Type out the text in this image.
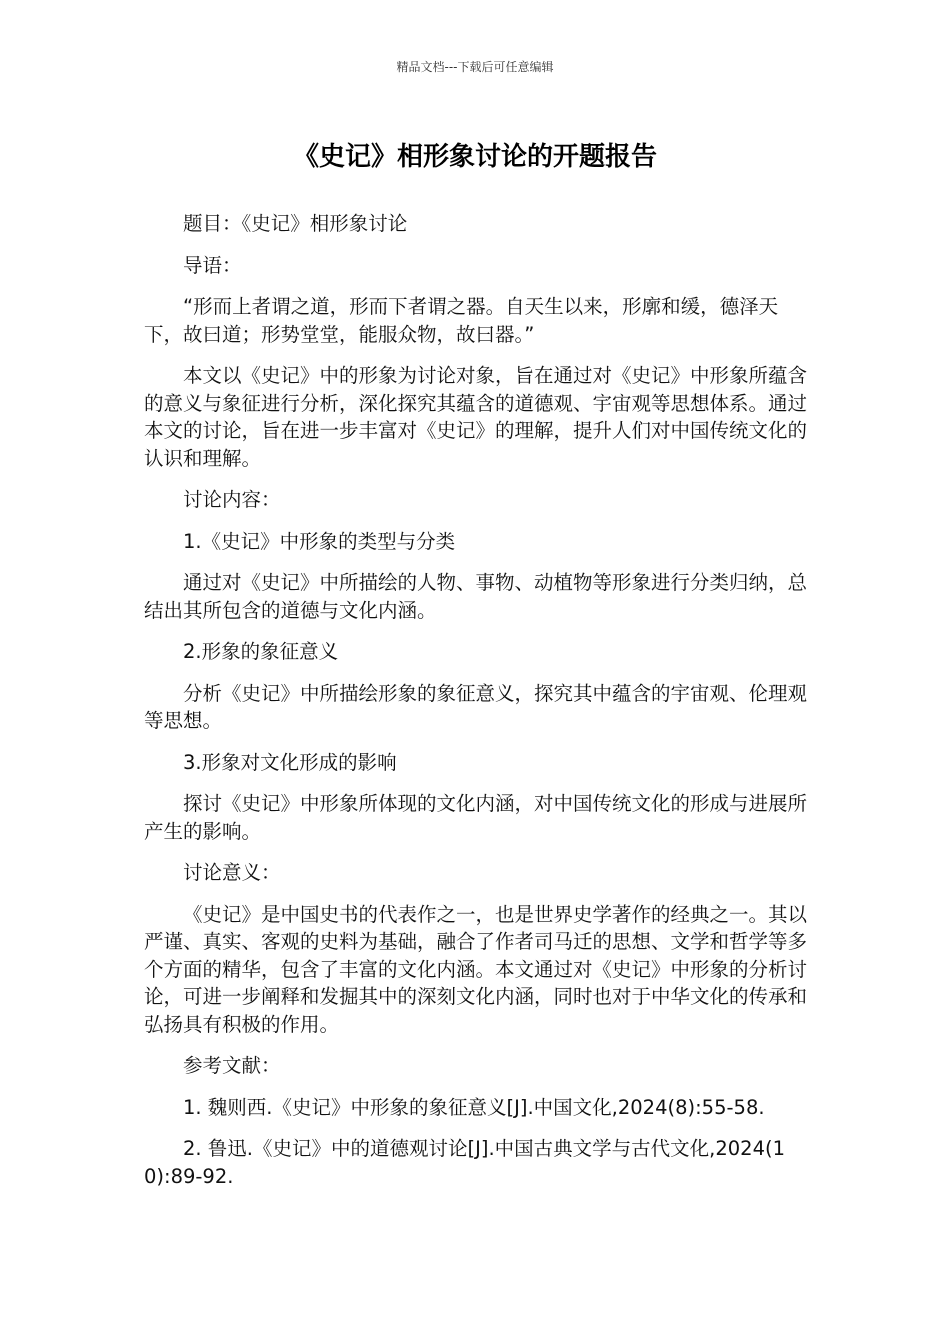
精品文档---下载后可任意编辑
《史记》相形象讨论的开题报告

题目：《史记》相形象讨论

导语：

“形而上者谓之道，形而下者谓之器。自天生以来，形廓和缓，德泽天下，故曰道；形势堂堂，能服众物，故曰器。”

本文以《史记》中的形象为讨论对象，旨在通过对《史记》中形象所蕴含的意义与象征进行分析，深化探究其蕴含的道德观、宇宙观等思想体系。通过本文的讨论，旨在进一步丰富对《史记》的理解，提升人们对中国传统文化的认识和理解。

讨论内容：

1.《史记》中形象的类型与分类

通过对《史记》中所描绘的人物、事物、动植物等形象进行分类归纳，总结出其所包含的道德与文化内涵。

2.形象的象征意义

分析《史记》中所描绘形象的象征意义，探究其中蕴含的宇宙观、伦理观等思想。

3.形象对文化形成的影响

探讨《史记》中形象所体现的文化内涵，对中国传统文化的形成与进展所产生的影响。

讨论意义：

《史记》是中国史书的代表作之一，也是世界史学著作的经典之一。其以严谨、真实、客观的史料为基础，融合了作者司马迁的思想、文学和哲学等多个方面的精华，包含了丰富的文化内涵。本文通过对《史记》中形象的分析讨论，可进一步阐释和发掘其中的深刻文化内涵，同时也对于中华文化的传承和弘扬具有积极的作用。

参考文献：

1. 魏则西.《史记》中形象的象征意义[J].中国文化,2024(8):55-58.

2. 鲁迅.《史记》中的道德观讨论[J].中国古典文学与古代文化,2024(10):89-92.
